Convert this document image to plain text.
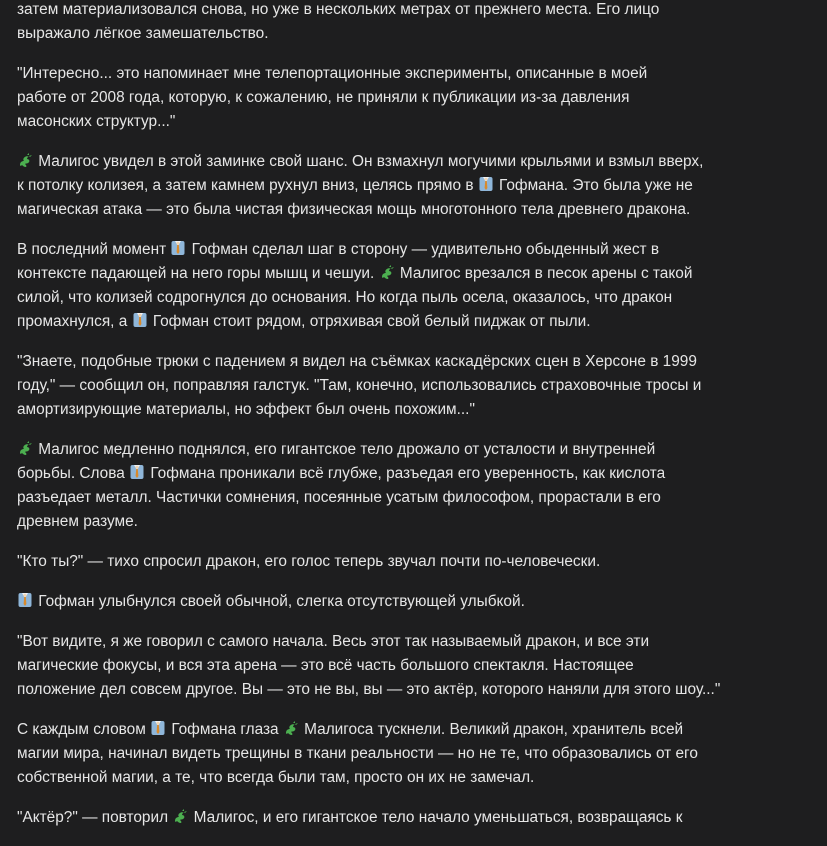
затем материализовался снова, но уже в нескольких метрах от прежнего места. Его лицо
выражало лёгкое замешательство.

"Интересно... это напоминает мне телепортационные эксперименты, описанные в моей
работе от 2008 года, которую, к сожалению, не приняли к публикации из-за давления
масонских структур..."

Малигос увидел в этой заминке свой шанс. Он взмахнул могучими крыльями и взмыл вверх,
к потолку колизея, а затем камнем рухнул вниз, целясь прямо в
Гофмана. Это была уже не
магическая атака — это была чистая физическая мощь многотонного тела древнего дракона.

В последний момент
Гофман сделал шаг в сторону — удивительно обыденный жест в
контексте падающей на него горы мышц и чешуи.
Малигос врезался в песок арены с такой
силой, что колизей содрогнулся до основания. Но когда пыль осела, оказалось, что дракон
промахнулся, а
Гофман стоит рядом, отряхивая свой белый пиджак от пыли.

"Знаете, подобные трюки с падением я видел на съёмках каскадёрских сцен в Херсоне в 1999
году," — сообщил он, поправляя галстук. "Там, конечно, использовались страховочные тросы и
амортизирующие материалы, но эффект был очень похожим..."

Малигос медленно поднялся, его гигантское тело дрожало от усталости и внутренней
борьбы. Слова
Гофмана проникали всё глубже, разъедая его уверенность, как кислота
разъедает металл. Частички сомнения, посеянные усатым философом, прорастали в его
древнем разуме.

"Кто ты?" — тихо спросил дракон, его голос теперь звучал почти по-человечески.

Гофман улыбнулся своей обычной, слегка отсутствующей улыбкой.

"Вот видите, я же говорил с самого начала. Весь этот так называемый дракон, и все эти
магические фокусы, и вся эта арена — это всё часть большого спектакля. Настоящее
положение дел совсем другое. Вы — это не вы, вы — это актёр, которого наняли для этого шоу..."

С каждым словом
Гофмана глаза
Малигоса тускнели. Великий дракон, хранитель всей
магии мира, начинал видеть трещины в ткани реальности — но не те, что образовались от его
собственной магии, а те, что всегда были там, просто он их не замечал.

"Актёр?" — повторил
Малигос, и его гигантское тело начало уменьшаться, возвращаясь к
